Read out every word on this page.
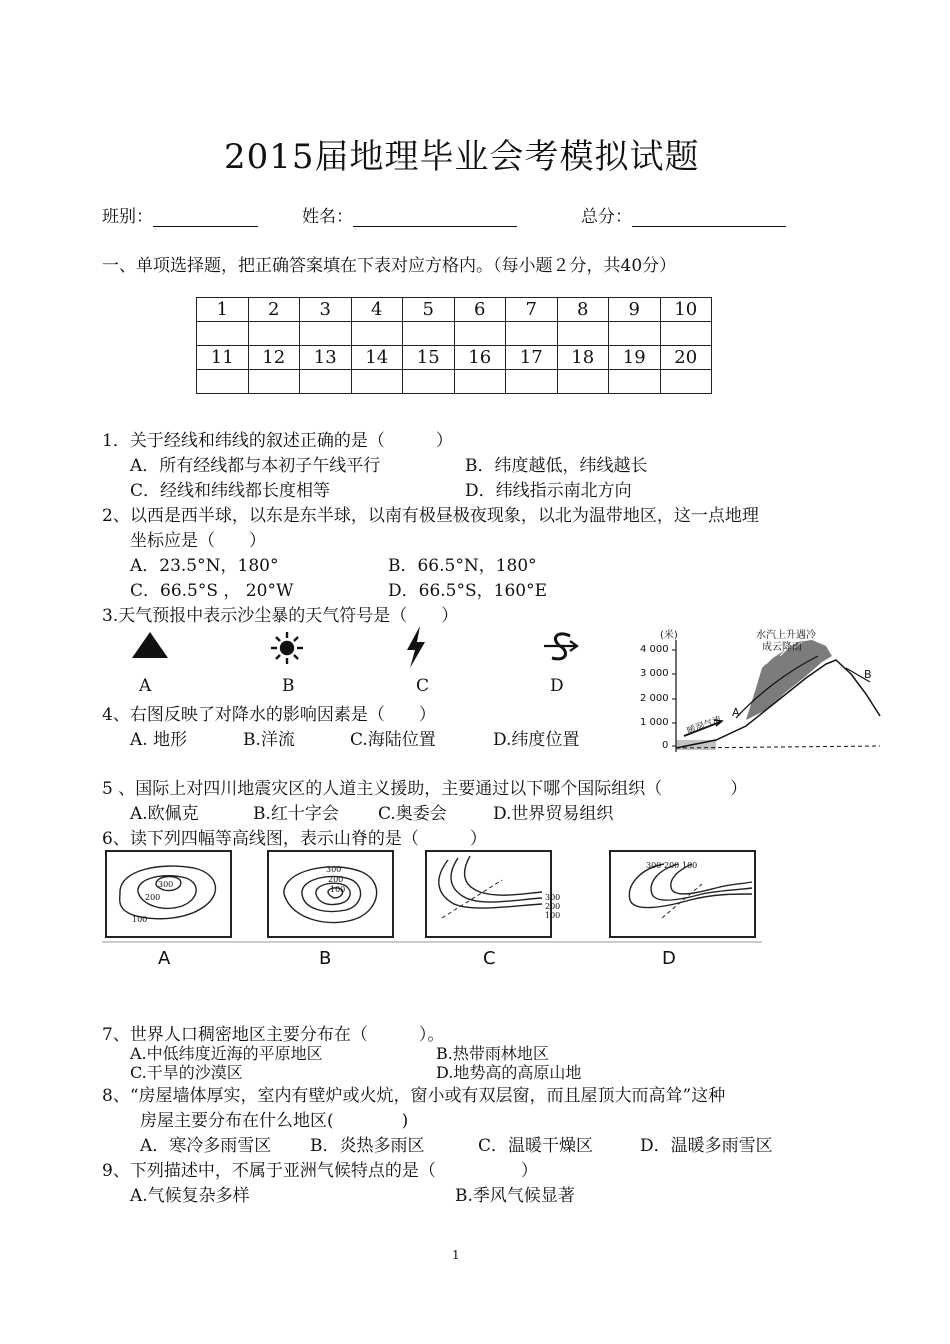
2015届地理毕业会考模拟试题
班别：	姓名：	总分：
一、单项选择题，把正确答案填在下表对应方格内。（每小题２分，共40分）
1	2	3	4	5	6	7	8	9	10

11	12	13	14	15	16	17	18	19	20

1．关于经线和纬线的叙述正确的是（　　　）
A．所有经线都与本初子午线平行	B．纬度越低，纬线越长
C．经线和纬线都长度相等	D．纬线指示南北方向
2、以西是西半球，以东是东半球，以南有极昼极夜现象，以北为温带地区，这一点地理
坐标应是（　　）
A．23.5°N，180°	B．66.5°N，180°
C．66.5°S ， 20°W	D．66.5°S，160°E
3.天气预报中表示沙尘暴的天气符号是（　　）
A	B	C	D
(米)
4 000
3 000
2 000
1 000
0
水汽上升遇冷
成云降雨
暖湿气流
A
B
4、右图反映了对降水的影响因素是（　　）
A. 地形	B.洋流	C.海陆位置	D.纬度位置
5 、国际上对四川地震灾区的人道主义援助，主要通过以下哪个国际组织（　　　　）
A.欧佩克	B.红十字会 C.奥委会	D.世界贸易组织
6、读下列四幅等高线图，表示山脊的是（　　　）
300
200
100
300
200
100
300
200
100
300 200 100
A	B	C	D
7、世界人口稠密地区主要分布在（　　　）。
A.中低纬度近海的平原地区	B.热带雨林地区
C.干旱的沙漠区	D.地势高的高原山地
8、“房屋墙体厚实，室内有壁炉或火炕，窗小或有双层窗，而且屋顶大而高耸”这种
房屋主要分布在什么地区(　　　　)
A．寒冷多雨雪区 B．炎热多雨区	C．温暖干燥区	D．温暖多雨雪区
9、下列描述中，不属于亚洲气候特点的是（　　　　　）
A.气候复杂多样	B.季风气候显著
1
